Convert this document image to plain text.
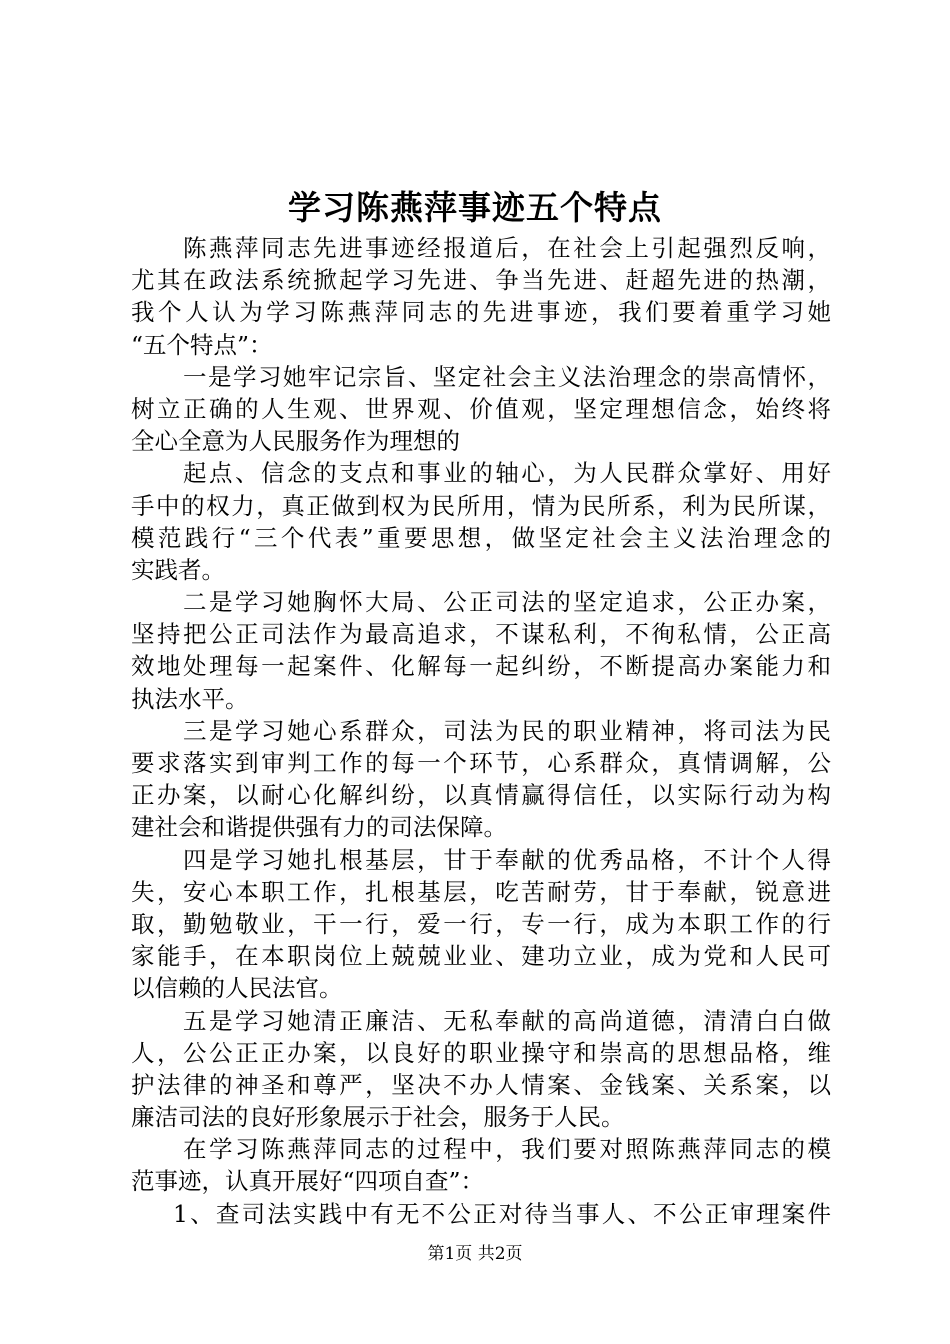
学习陈燕萍事迹五个特点
陈燕萍同志先进事迹经报道后，在社会上引起强烈反响，
尤其在政法系统掀起学习先进、争当先进、赶超先进的热潮，
我个人认为学习陈燕萍同志的先进事迹，我们要着重学习她
“五个特点”：
一是学习她牢记宗旨、坚定社会主义法治理念的崇高情怀，
树立正确的人生观、世界观、价值观，坚定理想信念，始终将
全心全意为人民服务作为理想的
起点、信念的支点和事业的轴心，为人民群众掌好、用好
手中的权力，真正做到权为民所用，情为民所系，利为民所谋，
模范践行“三个代表”重要思想，做坚定社会主义法治理念的
实践者。
二是学习她胸怀大局、公正司法的坚定追求，公正办案，
坚持把公正司法作为最高追求，不谋私利，不徇私情，公正高
效地处理每一起案件、化解每一起纠纷，不断提高办案能力和
执法水平。
三是学习她心系群众，司法为民的职业精神，将司法为民
要求落实到审判工作的每一个环节，心系群众，真情调解，公
正办案，以耐心化解纠纷，以真情赢得信任，以实际行动为构
建社会和谐提供强有力的司法保障。
四是学习她扎根基层，甘于奉献的优秀品格，不计个人得
失，安心本职工作，扎根基层，吃苦耐劳，甘于奉献，锐意进
取，勤勉敬业，干一行，爱一行，专一行，成为本职工作的行
家能手，在本职岗位上兢兢业业、建功立业，成为党和人民可
以信赖的人民法官。
五是学习她清正廉洁、无私奉献的高尚道德，清清白白做
人，公公正正办案，以良好的职业操守和崇高的思想品格，维
护法律的神圣和尊严，坚决不办人情案、金钱案、关系案，以
廉洁司法的良好形象展示于社会，服务于人民。
在学习陈燕萍同志的过程中，我们要对照陈燕萍同志的模
范事迹，认真开展好“四项自查”：
1、查司法实践中有无不公正对待当事人、不公正审理案件
第1页 共2页
